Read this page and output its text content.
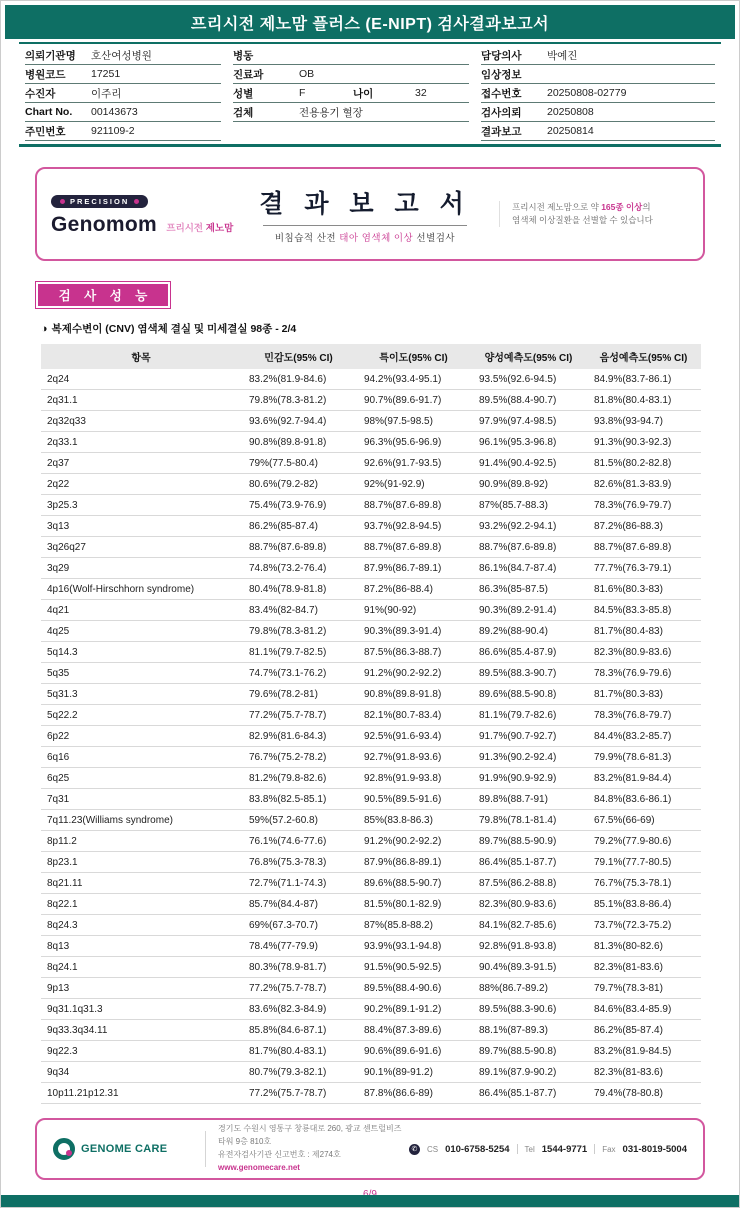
프리시전 제노맘 플러스 (E-NIPT) 검사결과보고서
의뢰기관명	호산여성병원
병원코드	17251
수진자	이주리
Chart No.	00143673
주민번호	921109-2
병동
진료과	OB
성별	F	나이	32
검체	전용용기 혈장
담당의사	박예진
임상정보
접수번호	20250808-02779
검사의뢰	20250808
결과보고	20250814
PRECISION
Genomom 프리시전 제노맘
결 과 보 고 서
비침습적 산전 태아 염색체 이상 선별검사
프리시전 제노맘으로 약 165종 이상의
염색체 이상질환을 선별할 수 있습니다
검 사 성 능
◑ 복제수변이 (CNV) 염색체 결실 및 미세결실 98종 - 2/4
항목	민감도(95% CI)	특이도(95% CI)	양성예측도(95% CI)	음성예측도(95% CI)
2q24	83.2%(81.9-84.6)	94.2%(93.4-95.1)	93.5%(92.6-94.5)	84.9%(83.7-86.1)
2q31.1	79.8%(78.3-81.2)	90.7%(89.6-91.7)	89.5%(88.4-90.7)	81.8%(80.4-83.1)
2q32q33	93.6%(92.7-94.4)	98%(97.5-98.5)	97.9%(97.4-98.5)	93.8%(93-94.7)
2q33.1	90.8%(89.8-91.8)	96.3%(95.6-96.9)	96.1%(95.3-96.8)	91.3%(90.3-92.3)
2q37	79%(77.5-80.4)	92.6%(91.7-93.5)	91.4%(90.4-92.5)	81.5%(80.2-82.8)
2q22	80.6%(79.2-82)	92%(91-92.9)	90.9%(89.8-92)	82.6%(81.3-83.9)
3p25.3	75.4%(73.9-76.9)	88.7%(87.6-89.8)	87%(85.7-88.3)	78.3%(76.9-79.7)
3q13	86.2%(85-87.4)	93.7%(92.8-94.5)	93.2%(92.2-94.1)	87.2%(86-88.3)
3q26q27	88.7%(87.6-89.8)	88.7%(87.6-89.8)	88.7%(87.6-89.8)	88.7%(87.6-89.8)
3q29	74.8%(73.2-76.4)	87.9%(86.7-89.1)	86.1%(84.7-87.4)	77.7%(76.3-79.1)
4p16(Wolf-Hirschhorn syndrome)	80.4%(78.9-81.8)	87.2%(86-88.4)	86.3%(85-87.5)	81.6%(80.3-83)
4q21	83.4%(82-84.7)	91%(90-92)	90.3%(89.2-91.4)	84.5%(83.3-85.8)
4q25	79.8%(78.3-81.2)	90.3%(89.3-91.4)	89.2%(88-90.4)	81.7%(80.4-83)
5q14.3	81.1%(79.7-82.5)	87.5%(86.3-88.7)	86.6%(85.4-87.9)	82.3%(80.9-83.6)
5q35	74.7%(73.1-76.2)	91.2%(90.2-92.2)	89.5%(88.3-90.7)	78.3%(76.9-79.6)
5q31.3	79.6%(78.2-81)	90.8%(89.8-91.8)	89.6%(88.5-90.8)	81.7%(80.3-83)
5q22.2	77.2%(75.7-78.7)	82.1%(80.7-83.4)	81.1%(79.7-82.6)	78.3%(76.8-79.7)
6p22	82.9%(81.6-84.3)	92.5%(91.6-93.4)	91.7%(90.7-92.7)	84.4%(83.2-85.7)
6q16	76.7%(75.2-78.2)	92.7%(91.8-93.6)	91.3%(90.2-92.4)	79.9%(78.6-81.3)
6q25	81.2%(79.8-82.6)	92.8%(91.9-93.8)	91.9%(90.9-92.9)	83.2%(81.9-84.4)
7q31	83.8%(82.5-85.1)	90.5%(89.5-91.6)	89.8%(88.7-91)	84.8%(83.6-86.1)
7q11.23(Williams syndrome)	59%(57.2-60.8)	85%(83.8-86.3)	79.8%(78.1-81.4)	67.5%(66-69)
8p11.2	76.1%(74.6-77.6)	91.2%(90.2-92.2)	89.7%(88.5-90.9)	79.2%(77.9-80.6)
8p23.1	76.8%(75.3-78.3)	87.9%(86.8-89.1)	86.4%(85.1-87.7)	79.1%(77.7-80.5)
8q21.11	72.7%(71.1-74.3)	89.6%(88.5-90.7)	87.5%(86.2-88.8)	76.7%(75.3-78.1)
8q22.1	85.7%(84.4-87)	81.5%(80.1-82.9)	82.3%(80.9-83.6)	85.1%(83.8-86.4)
8q24.3	69%(67.3-70.7)	87%(85.8-88.2)	84.1%(82.7-85.6)	73.7%(72.3-75.2)
8q13	78.4%(77-79.9)	93.9%(93.1-94.8)	92.8%(91.8-93.8)	81.3%(80-82.6)
8q24.1	80.3%(78.9-81.7)	91.5%(90.5-92.5)	90.4%(89.3-91.5)	82.3%(81-83.6)
9p13	77.2%(75.7-78.7)	89.5%(88.4-90.6)	88%(86.7-89.2)	79.7%(78.3-81)
9q31.1q31.3	83.6%(82.3-84.9)	90.2%(89.1-91.2)	89.5%(88.3-90.6)	84.6%(83.4-85.9)
9q33.3q34.11	85.8%(84.6-87.1)	88.4%(87.3-89.6)	88.1%(87-89.3)	86.2%(85-87.4)
9q22.3	81.7%(80.4-83.1)	90.6%(89.6-91.6)	89.7%(88.5-90.8)	83.2%(81.9-84.5)
9q34	80.7%(79.3-82.1)	90.1%(89-91.2)	89.1%(87.9-90.2)	82.3%(81-83.6)
10p11.21p12.31	77.2%(75.7-78.7)	87.8%(86.6-89)	86.4%(85.1-87.7)	79.4%(78-80.8)
GENOME CARE
경기도 수원시 영통구 창룡대로 260, 광교 센트럴비즈타워 9층 810호
유전자검사기관 신고번호 : 제274호
www.genomecare.net
✆	CS 010-6758-5254 Tel 1544-9771 Fax 031-8019-5004
